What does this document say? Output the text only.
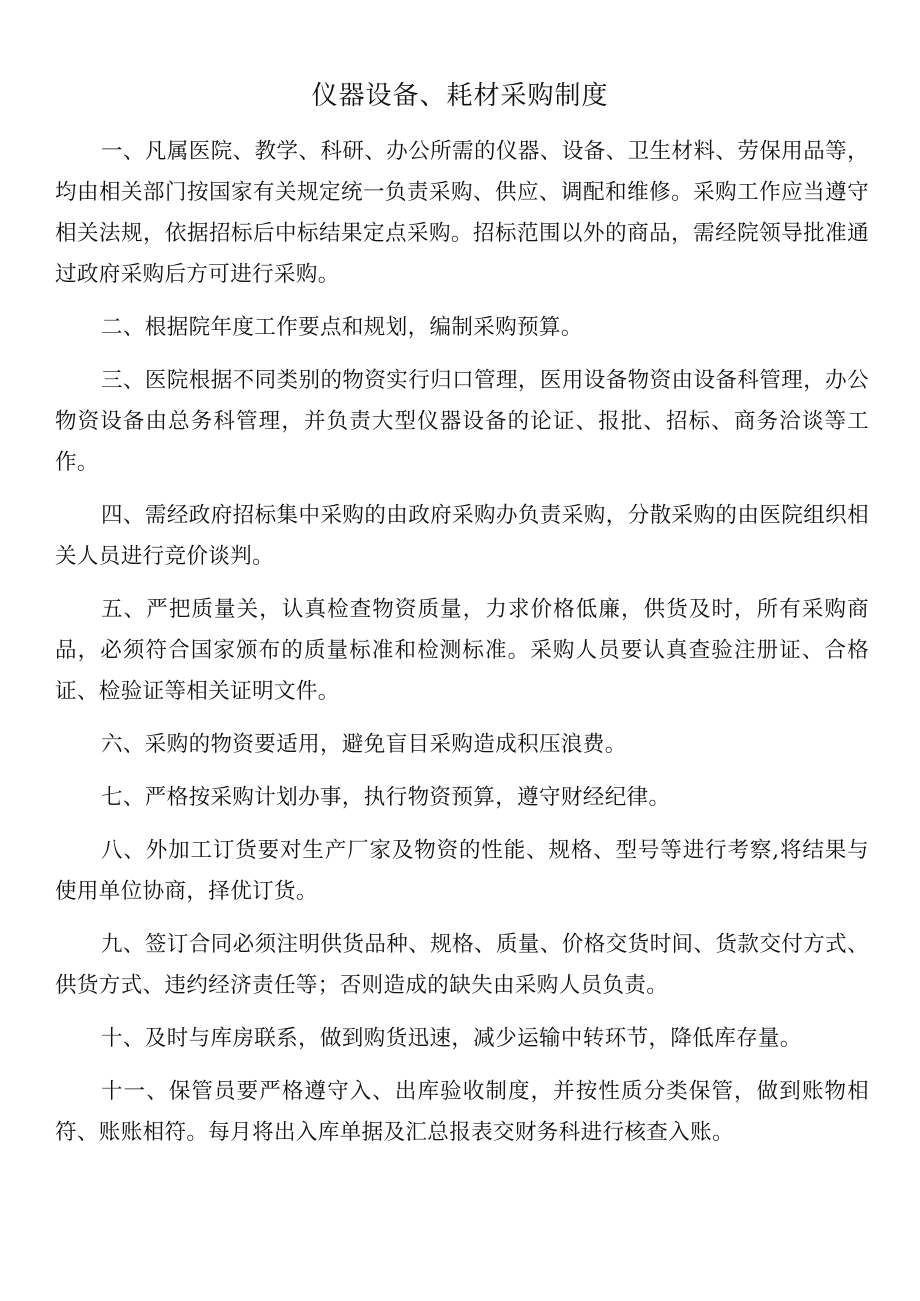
仪器设备、耗材采购制度

一、凡属医院、教学、科研、办公所需的仪器、设备、卫生材料、劳保用品等，均由相关部门按国家有关规定统一负责采购、供应、调配和维修。采购工作应当遵守相关法规，依据招标后中标结果定点采购。招标范围以外的商品，需经院领导批准通过政府采购后方可进行采购。

二、根据院年度工作要点和规划，编制采购预算。

三、医院根据不同类别的物资实行归口管理，医用设备物资由设备科管理，办公物资设备由总务科管理，并负责大型仪器设备的论证、报批、招标、商务洽谈等工作。

四、需经政府招标集中采购的由政府采购办负责采购，分散采购的由医院组织相关人员进行竞价谈判。

五、严把质量关，认真检查物资质量，力求价格低廉，供货及时，所有采购商品，必须符合国家颁布的质量标准和检测标准。采购人员要认真查验注册证、合格证、检验证等相关证明文件。

六、采购的物资要适用，避免盲目采购造成积压浪费。

七、严格按采购计划办事，执行物资预算，遵守财经纪律。

八、外加工订货要对生产厂家及物资的性能、规格、型号等进行考察,将结果与使用单位协商，择优订货。

九、签订合同必须注明供货品种、规格、质量、价格交货时间、货款交付方式、供货方式、违约经济责任等；否则造成的缺失由采购人员负责。

十、及时与库房联系，做到购货迅速，减少运输中转环节，降低库存量。

十一、保管员要严格遵守入、出库验收制度，并按性质分类保管，做到账物相符、账账相符。每月将出入库单据及汇总报表交财务科进行核查入账。
